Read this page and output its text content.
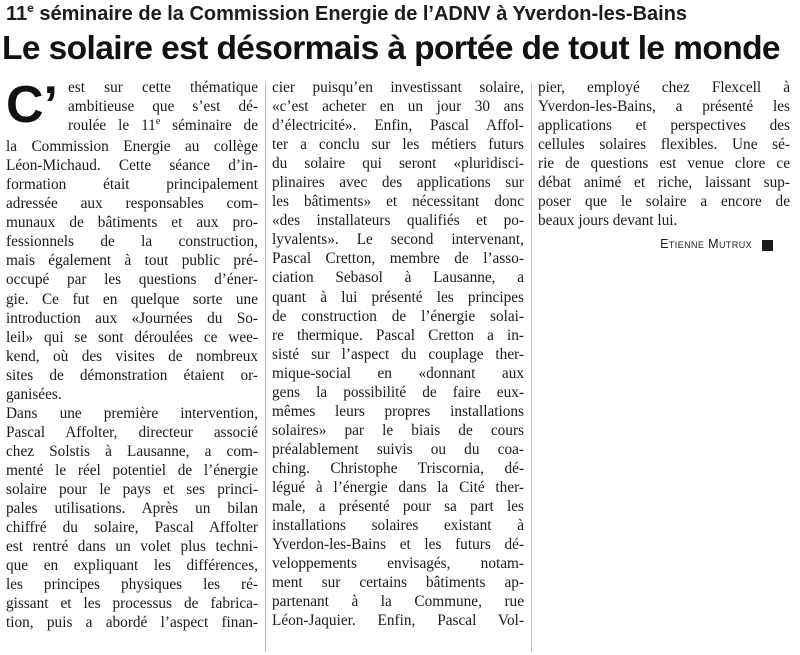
11e séminaire de la Commission Energie de l’ADNV à Yverdon-les-Bains
Le solaire est désormais à portée de tout le monde
C’ est sur cette thématique
ambitieuse que s’est dé-
roulée le 11e séminaire de
la Commission Energie au collège
Léon-Michaud. Cette séance d’in-
formation était principalement
adressée aux responsables com-
munaux de bâtiments et aux pro-
fessionnels de la construction,
mais également à tout public pré-
occupé par les questions d’éner-
gie. Ce fut en quelque sorte une
introduction aux «Journées du So-
leil» qui se sont déroulées ce wee-
kend, où des visites de nombreux
sites de démonstration étaient or-
ganisées.
Dans une première intervention,
Pascal Affolter, directeur associé
chez Solstis à Lausanne, a com-
menté le réel potentiel de l’énergie
solaire pour le pays et ses princi-
pales utilisations. Après un bilan
chiffré du solaire, Pascal Affolter
est rentré dans un volet plus techni-
que en expliquant les différences,
les principes physiques les ré-
gissant et les processus de fabrica-
tion, puis a abordé l’aspect finan-
cier puisqu’en investissant solaire,
«c’est acheter en un jour 30 ans
d’électricité». Enfin, Pascal Affol-
ter a conclu sur les métiers futurs
du solaire qui seront «pluridisci-
plinaires avec des applications sur
les bâtiments» et nécessitant donc
«des installateurs qualifiés et po-
lyvalents». Le second intervenant,
Pascal Cretton, membre de l’asso-
ciation Sebasol à Lausanne, a
quant à lui présenté les principes
de construction de l’énergie solai-
re thermique. Pascal Cretton a in-
sisté sur l’aspect du couplage ther-
mique-social en «donnant aux
gens la possibilité de faire eux-
mêmes leurs propres installations
solaires» par le biais de cours
préalablement suivis ou du coa-
ching. Christophe Triscornia, dé-
légué à l’énergie dans la Cité ther-
male, a présenté pour sa part les
installations solaires existant à
Yverdon-les-Bains et les futurs dé-
veloppements envisagés, notam-
ment sur certains bâtiments ap-
partenant à la Commune, rue
Léon-Jaquier. Enfin, Pascal Vol-
pier, employé chez Flexcell à
Yverdon-les-Bains, a présenté les
applications et perspectives des
cellules solaires flexibles. Une sé-
rie de questions est venue clore ce
débat animé et riche, laissant sup-
poser que le solaire a encore de
beaux jours devant lui.
Etienne Mutrux
